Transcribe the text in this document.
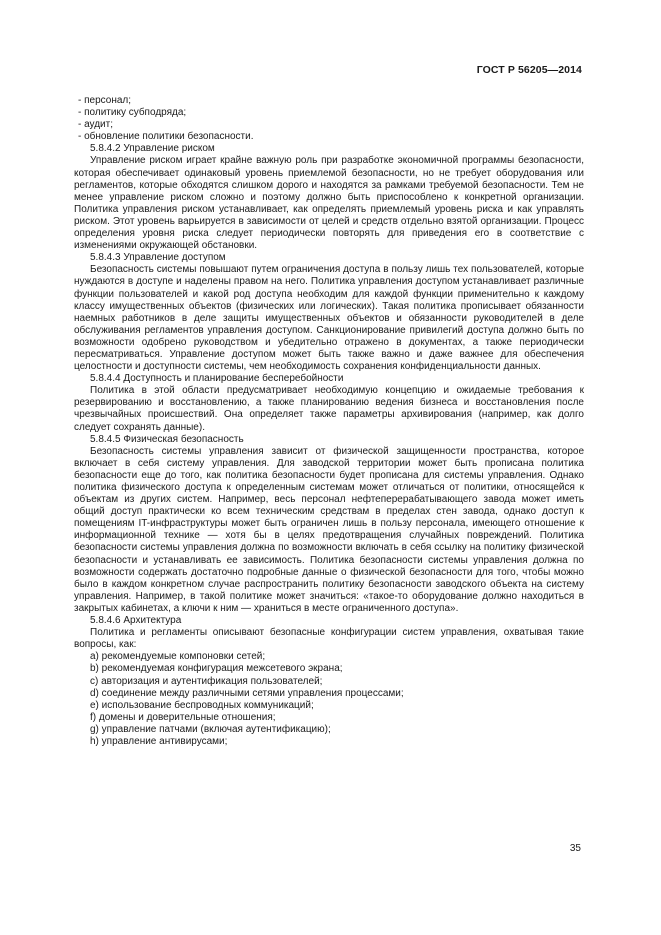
ГОСТ Р 56205—2014

- персонал;

- политику субподряда;

- аудит;

- обновление политики безопасности.

5.8.4.2 Управление риском

Управление риском играет крайне важную роль при разработке экономичной программы безопасности, которая обеспечивает одинаковый уровень приемлемой безопасности, но не требует оборудования или регламентов, которые обходятся слишком дорого и находятся за рамками требуемой безопасности. Тем не менее управление риском сложно и поэтому должно быть приспособлено к конкретной организации. Политика управления риском устанавливает, как определять приемлемый уровень риска и как управлять риском. Этот уровень варьируется в зависимости от целей и средств отдельно взятой организации. Процесс определения уровня риска следует периодически повторять для приведения его в соответствие с изменениями окружающей обстановки.

5.8.4.3 Управление доступом

Безопасность системы повышают путем ограничения доступа в пользу лишь тех пользователей, которые нуждаются в доступе и наделены правом на него. Политика управления доступом устанавливает различные функции пользователей и какой род доступа необходим для каждой функции применительно к каждому классу имущественных объектов (физических или логических). Такая политика прописывает обязанности наемных работников в деле защиты имущественных объектов и обязанности руководителей в деле обслуживания регламентов управления доступом. Санкционирование привилегий доступа должно быть по возможности одобрено руководством и убедительно отражено в документах, а также периодически пересматриваться. Управление доступом может быть также важно и даже важнее для обеспечения целостности и доступности системы, чем необходимость сохранения конфиденциальности данных.

5.8.4.4 Доступность и планирование бесперебойности

Политика в этой области предусматривает необходимую концепцию и ожидаемые требования к резервированию и восстановлению, а также планированию ведения бизнеса и восстановления после чрезвычайных происшествий. Она определяет также параметры архивирования (например, как долго следует сохранять данные).

5.8.4.5 Физическая безопасность

Безопасность системы управления зависит от физической защищенности пространства, которое включает в себя систему управления. Для заводской территории может быть прописана политика безопасности еще до того, как политика безопасности будет прописана для системы управления. Однако политика физического доступа к определенным системам может отличаться от политики, относящейся к объектам из других систем. Например, весь персонал нефтеперерабатывающего завода может иметь общий доступ практически ко всем техническим средствам в пределах стен завода, однако доступ к помещениям IT-инфраструктуры может быть ограничен лишь в пользу персонала, имеющего отношение к информационной технике — хотя бы в целях предотвращения случайных повреждений. Политика безопасности системы управления должна по возможности включать в себя ссылку на политику физической безопасности и устанавливать ее зависимость. Политика безопасности системы управления должна по возможности содержать достаточно подробные данные о физической безопасности для того, чтобы можно было в каждом конкретном случае распространить политику безопасности заводского объекта на систему управления. Например, в такой политике может значиться: «такое-то оборудование должно находиться в закрытых кабинетах, а ключи к ним — храниться в месте ограниченного доступа».

5.8.4.6 Архитектура

Политика и регламенты описывают безопасные конфигурации систем управления, охватывая такие вопросы, как:

a) рекомендуемые компоновки сетей;

b) рекомендуемая конфигурация межсетевого экрана;

c) авторизация и аутентификация пользователей;

d) соединение между различными сетями управления процессами;

e) использование беспроводных коммуникаций;

f) домены и доверительные отношения;

g) управление патчами (включая аутентификацию);

h) управление антивирусами;

35
